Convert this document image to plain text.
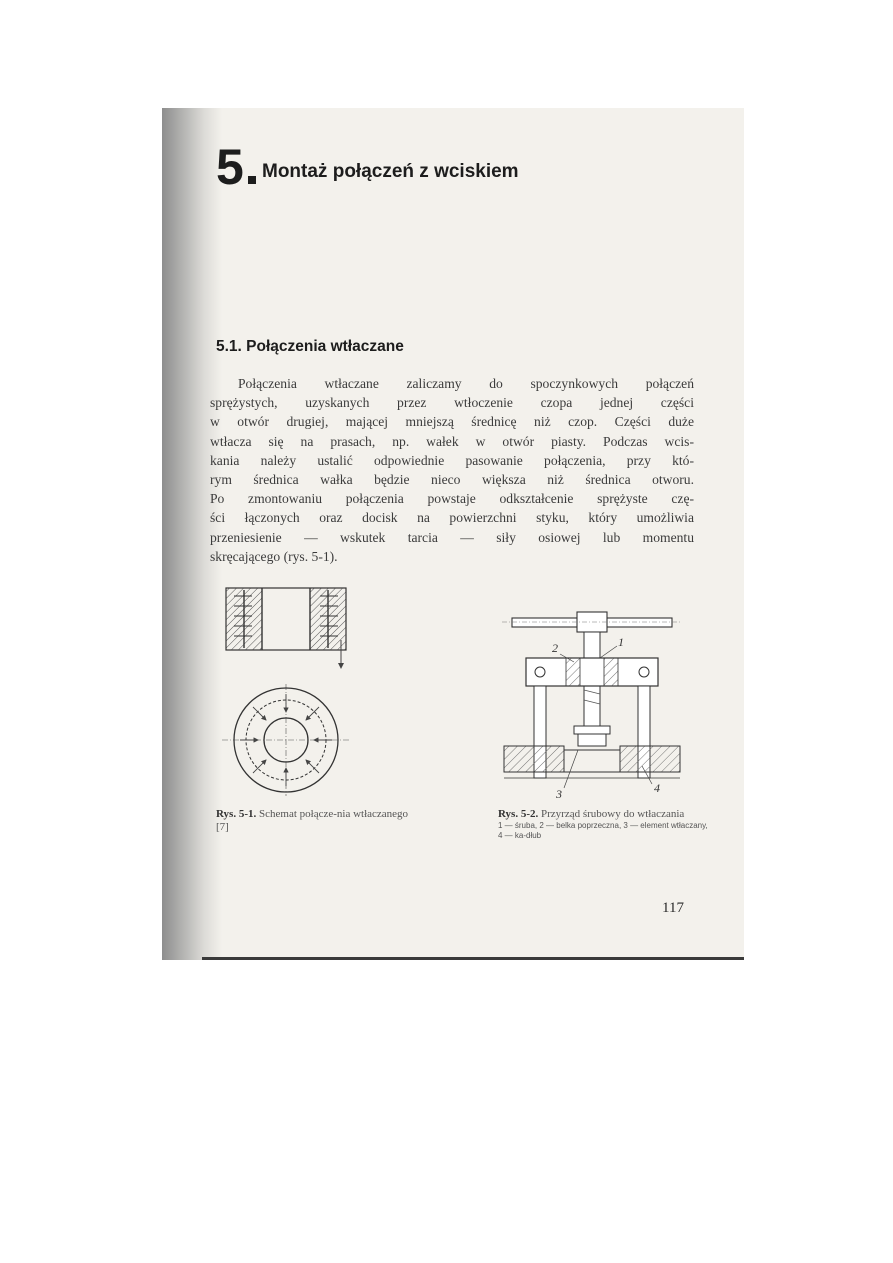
5 Montaż połączeń z wciskiem
5.1. Połączenia wtłaczane
Połączenia wtłaczane zaliczamy do spoczynkowych połączeń
sprężystych, uzyskanych przez wtłoczenie czopa jednej części
w otwór drugiej, mającej mniejszą średnicę niż czop. Części duże
wtłacza się na prasach, np. wałek w otwór piasty. Podczas wcis-
kania należy ustalić odpowiednie pasowanie połączenia, przy któ-
rym średnica wałka będzie nieco większa niż średnica otworu.
Po zmontowaniu połączenia powstaje odkształcenie sprężyste czę-
ści łączonych oraz docisk na powierzchni styku, który umożliwia
przeniesienie — wskutek tarcia — siły osiowej lub momentu
skręcającego (rys. 5-1).
2	1
3	4
Rys. 5-1. Schemat połącze-nia wtłaczanego [7]
Rys. 5-2. Przyrząd śrubowy do wtłaczania
1 — śruba, 2 — belka poprzeczna, 3 — element wtłaczany, 4 — ka-dłub
117
